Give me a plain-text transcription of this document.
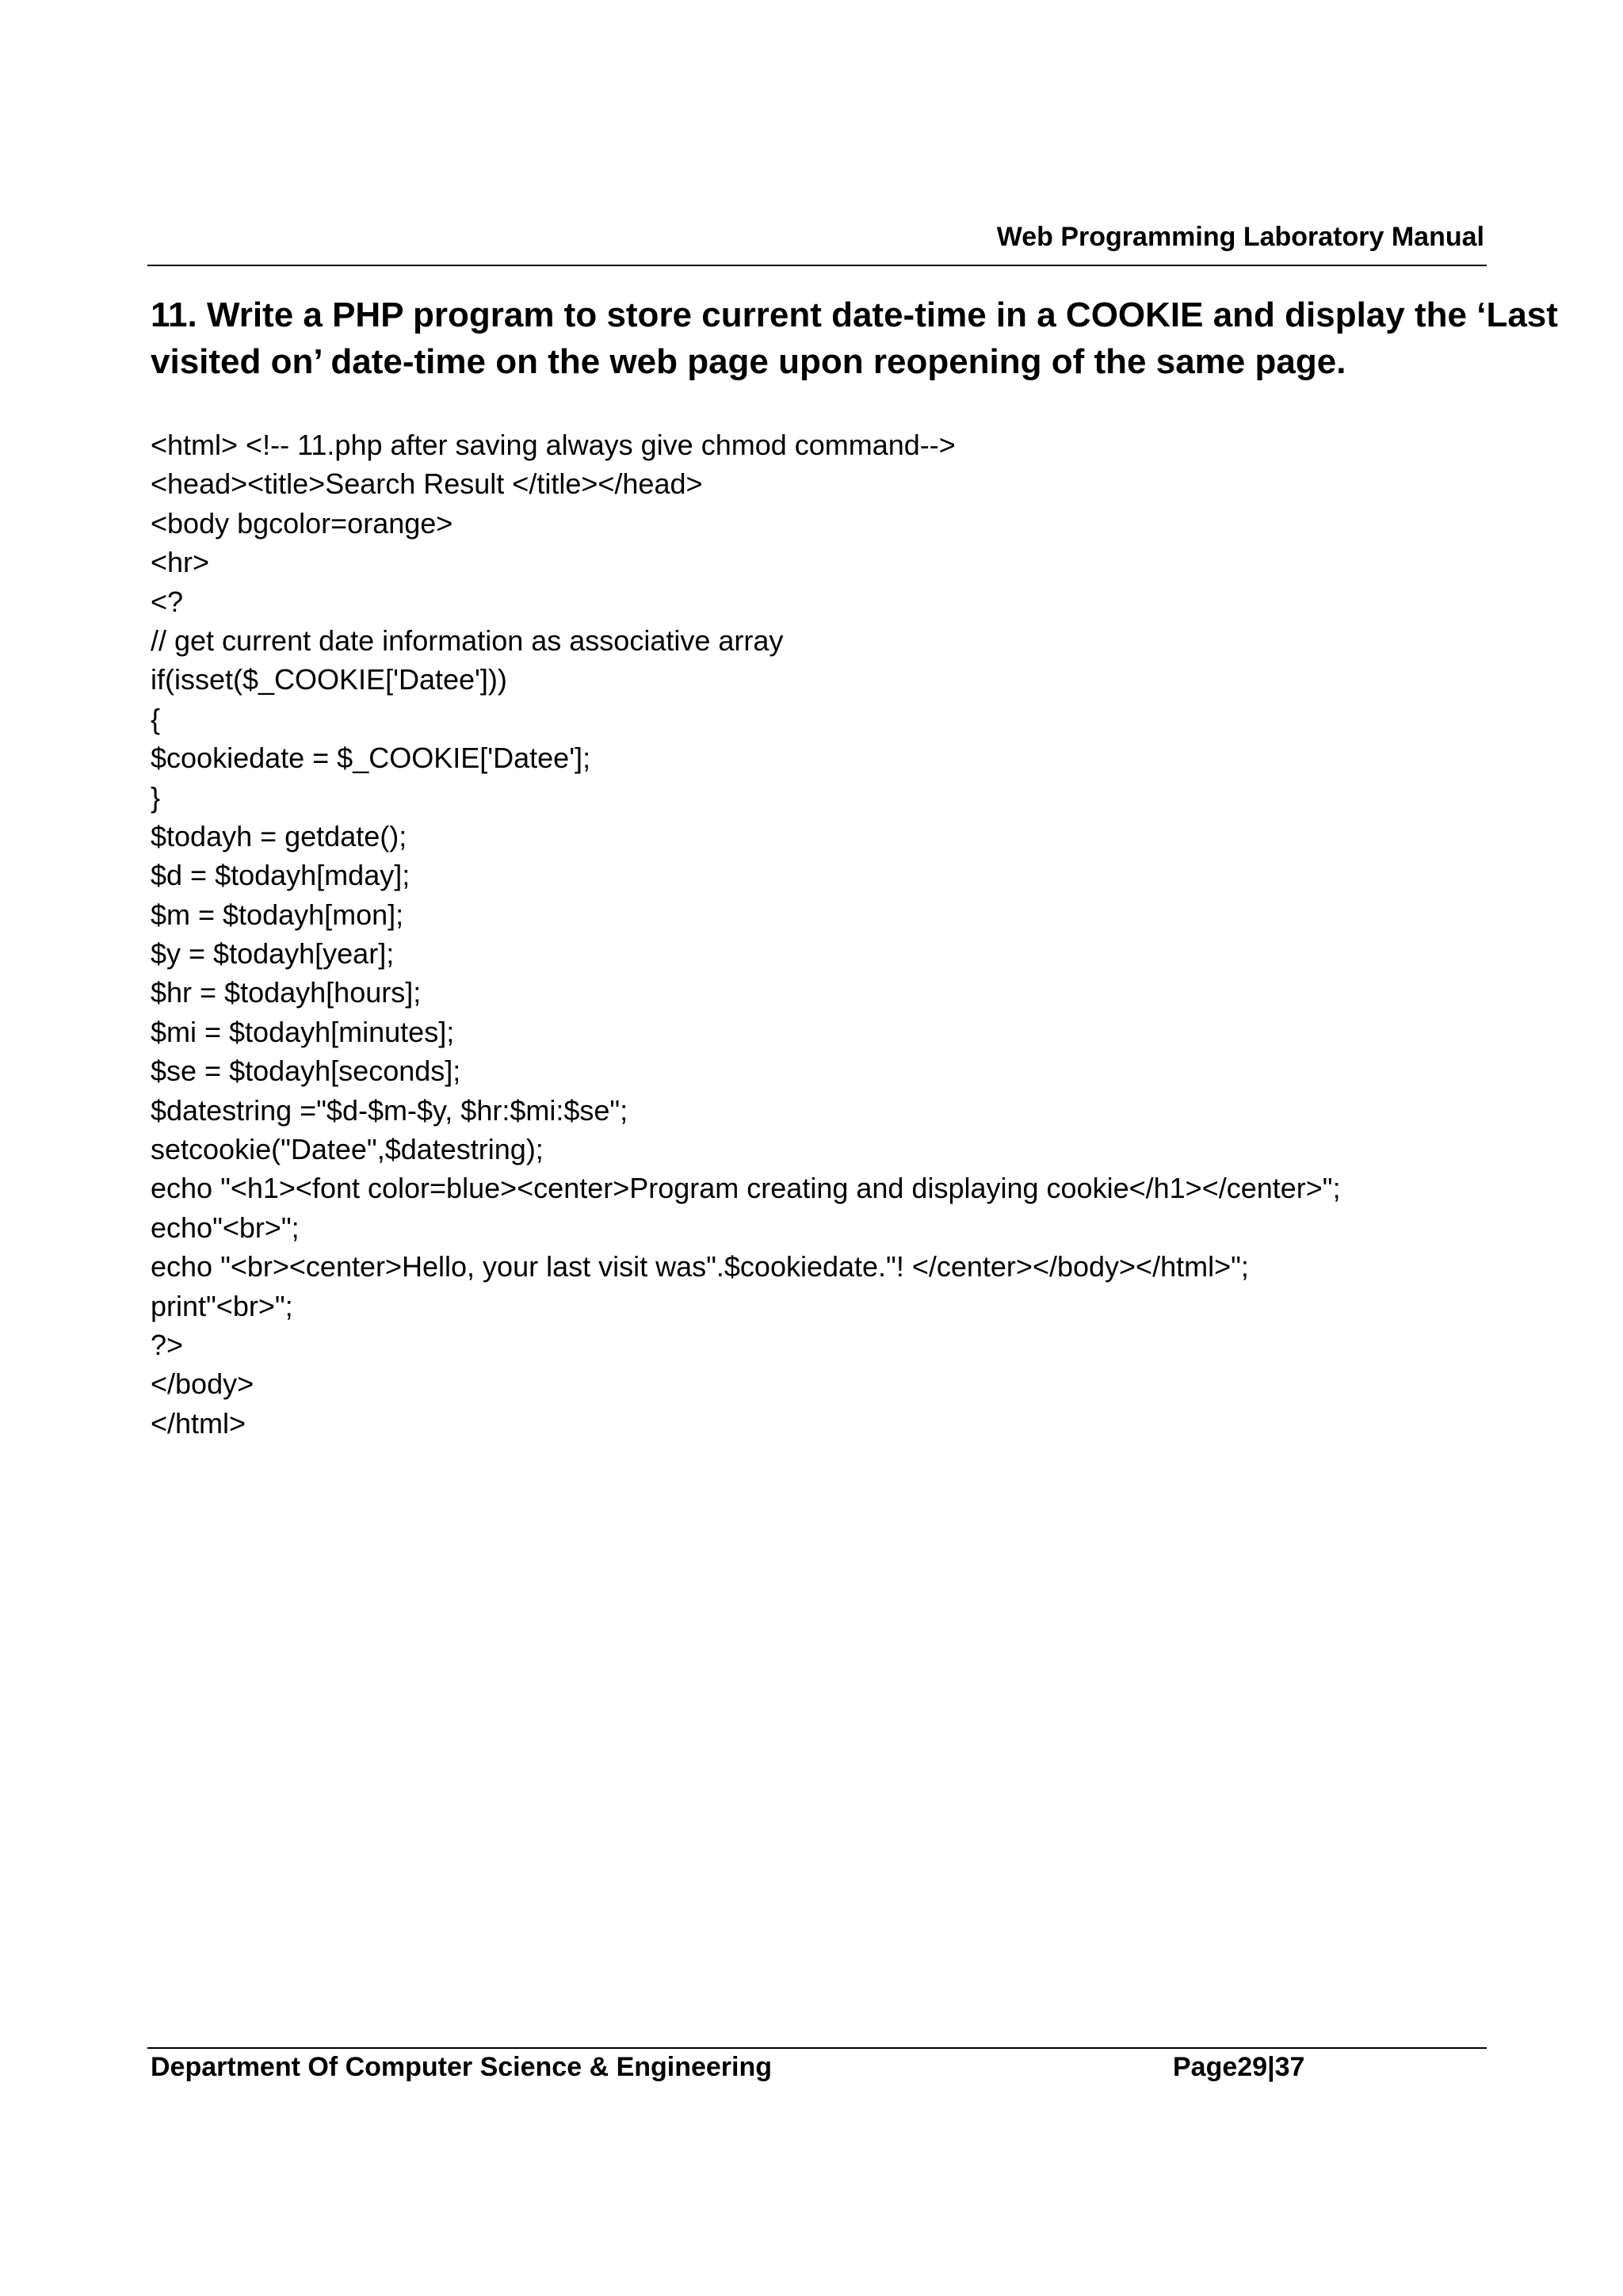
Web Programming Laboratory Manual
11. Write a PHP program to store current date-time in a COOKIE and display the ‘Last
visited on’ date-time on the web page upon reopening of the same page.
<html> <!-- 11.php after saving always give chmod command-->
<head><title>Search Result </title></head>
<body bgcolor=orange>
<hr>
<?
// get current date information as associative array
if(isset($_COOKIE['Datee']))
{
$cookiedate = $_COOKIE['Datee'];
}
$todayh = getdate();
$d = $todayh[mday];
$m = $todayh[mon];
$y = $todayh[year];
$hr = $todayh[hours];
$mi = $todayh[minutes];
$se = $todayh[seconds];
$datestring ="$d-$m-$y, $hr:$mi:$se";
setcookie("Datee",$datestring);
echo "<h1><font color=blue><center>Program creating and displaying cookie</h1></center>";
echo"<br>";
echo "<br><center>Hello, your last visit was".$cookiedate."! </center></body></html>";
print"<br>";
?>
</body>
</html>
Department Of Computer Science & Engineering	Page29|37
